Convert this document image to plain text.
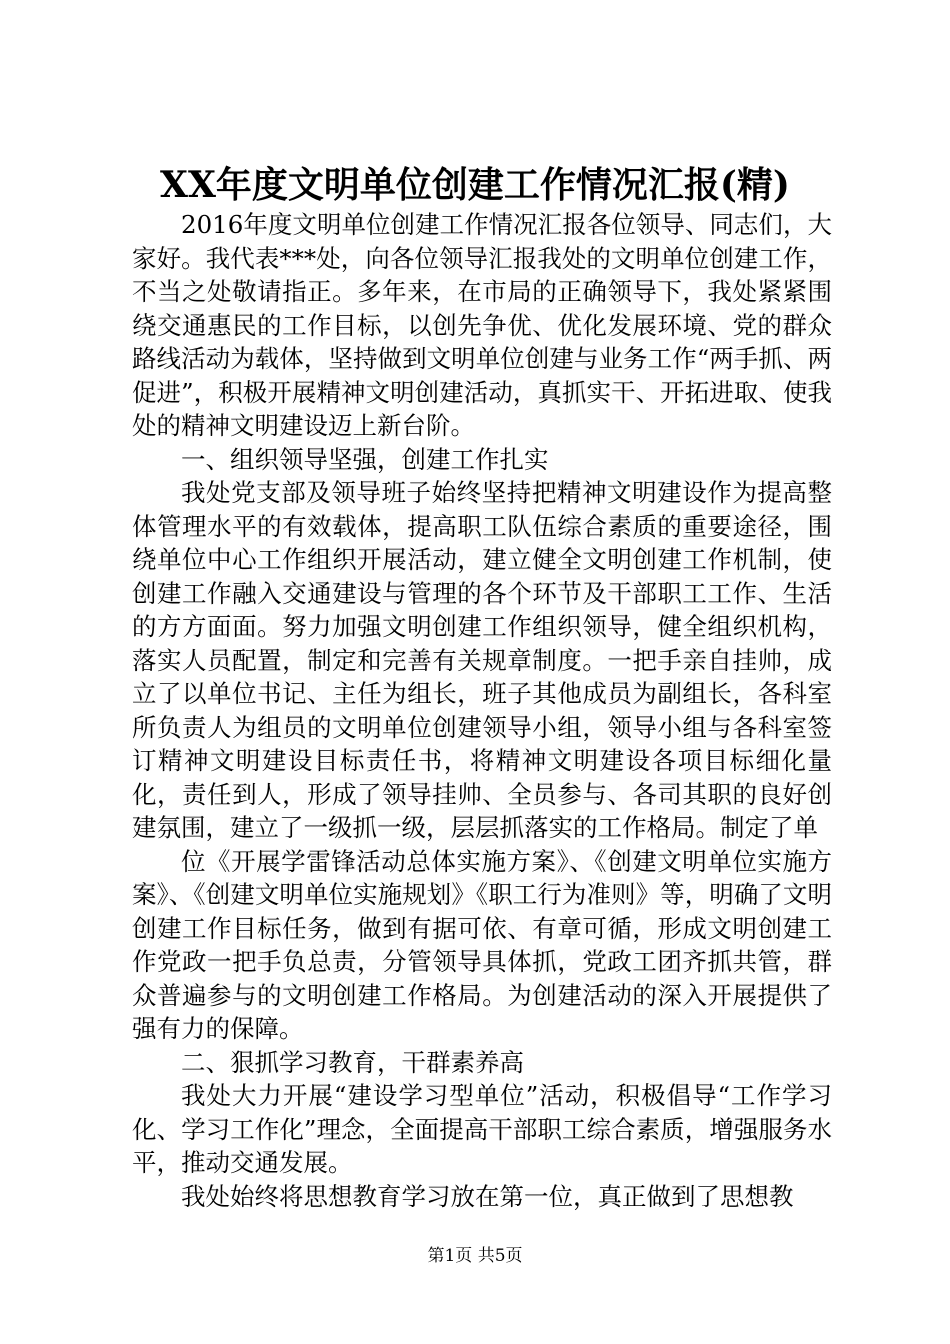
XX年度文明单位创建工作情况汇报(精)

2016年度文明单位创建工作情况汇报各位领导、同志们，大家好。我代表***处，向各位领导汇报我处的文明单位创建工作，不当之处敬请指正。多年来，在市局的正确领导下，我处紧紧围绕交通惠民的工作目标，以创先争优、优化发展环境、党的群众路线活动为载体，坚持做到文明单位创建与业务工作“两手抓、两促进”，积极开展精神文明创建活动，真抓实干、开拓进取、使我处的精神文明建设迈上新台阶。

一、组织领导坚强，创建工作扎实

我处党支部及领导班子始终坚持把精神文明建设作为提高整体管理水平的有效载体，提高职工队伍综合素质的重要途径，围绕单位中心工作组织开展活动，建立健全文明创建工作机制，使创建工作融入交通建设与管理的各个环节及干部职工工作、生活的方方面面。努力加强文明创建工作组织领导，健全组织机构，落实人员配置，制定和完善有关规章制度。一把手亲自挂帅，成立了以单位书记、主任为组长，班子其他成员为副组长，各科室所负责人为组员的文明单位创建领导小组，领导小组与各科室签订精神文明建设目标责任书，将精神文明建设各项目标细化量化，责任到人，形成了领导挂帅、全员参与、各司其职的良好创建氛围，建立了一级抓一级，层层抓落实的工作格局。制定了单

位《开展学雷锋活动总体实施方案》、《创建文明单位实施方案》、《创建文明单位实施规划》《职工行为准则》等，明确了文明创建工作目标任务，做到有据可依、有章可循，形成文明创建工作党政一把手负总责，分管领导具体抓，党政工团齐抓共管，群众普遍参与的文明创建工作格局。为创建活动的深入开展提供了强有力的保障。

二、狠抓学习教育，干群素养高

我处大力开展“建设学习型单位”活动，积极倡导“工作学习化、学习工作化”理念，全面提高干部职工综合素质，增强服务水平，推动交通发展。

我处始终将思想教育学习放在第一位，真正做到了思想教

第1页 共5页
